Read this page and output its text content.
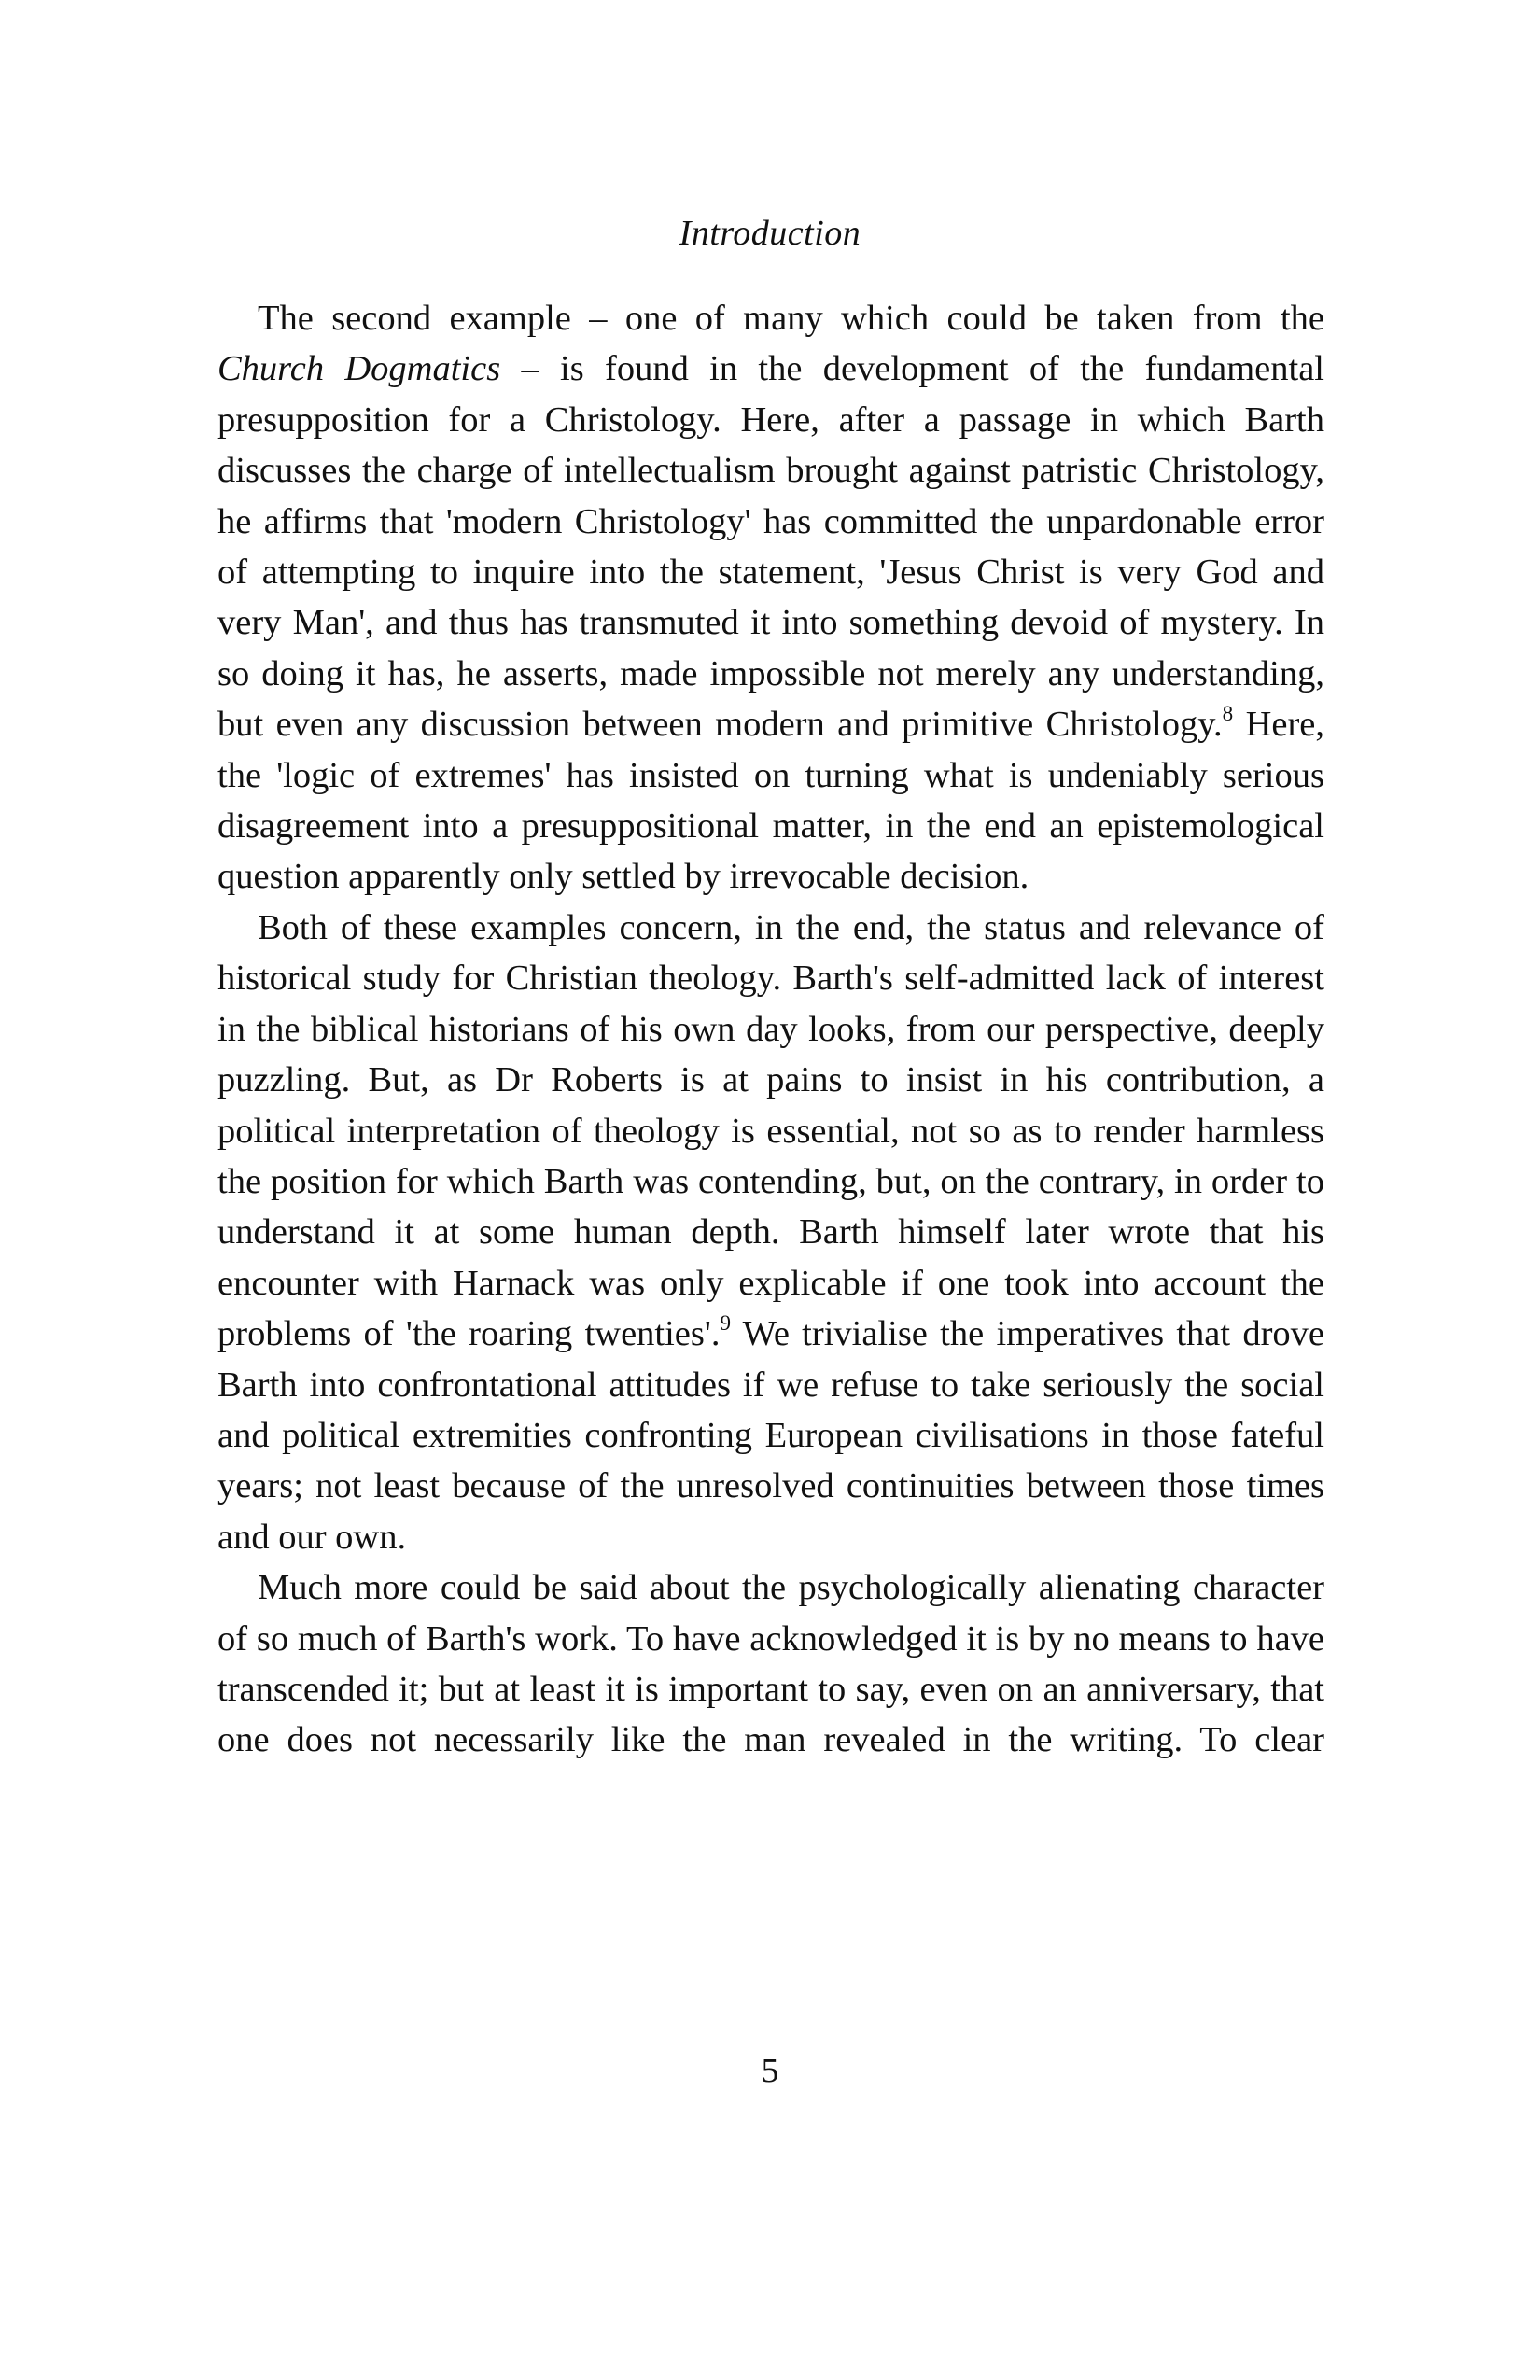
Introduction

The second example – one of many which could be taken from the Church Dogmatics – is found in the development of the fundamental presupposition for a Christology. Here, after a passage in which Barth discusses the charge of intellectualism brought against patristic Christology, he affirms that 'modern Christology' has committed the unpardonable error of attempting to inquire into the statement, 'Jesus Christ is very God and very Man', and thus has transmuted it into something devoid of mystery. In so doing it has, he asserts, made impossible not merely any understanding, but even any discussion between modern and primitive Christology.$^8$ Here, the 'logic of extremes' has insisted on turning what is undeniably serious disagreement into a presuppositional matter, in the end an epistemological question apparently only settled by irrevocable decision.

Both of these examples concern, in the end, the status and relevance of historical study for Christian theology. Barth's self-admitted lack of interest in the biblical historians of his own day looks, from our perspective, deeply puzzling. But, as Dr Roberts is at pains to insist in his contribution, a political interpretation of theology is essential, not so as to render harmless the position for which Barth was contending, but, on the contrary, in order to understand it at some human depth. Barth himself later wrote that his encounter with Harnack was only explicable if one took into account the problems of 'the roaring twenties'.$^9$ We trivialise the imperatives that drove Barth into confrontational attitudes if we refuse to take seriously the social and political extremities confronting European civilisations in those fateful years; not least because of the unresolved continuities between those times and our own.

Much more could be said about the psychologically alienating character of so much of Barth's work. To have acknowledged it is by no means to have transcended it; but at least it is important to say, even on an anniversary, that one does not necessarily like the man revealed in the writing. To clear

5
